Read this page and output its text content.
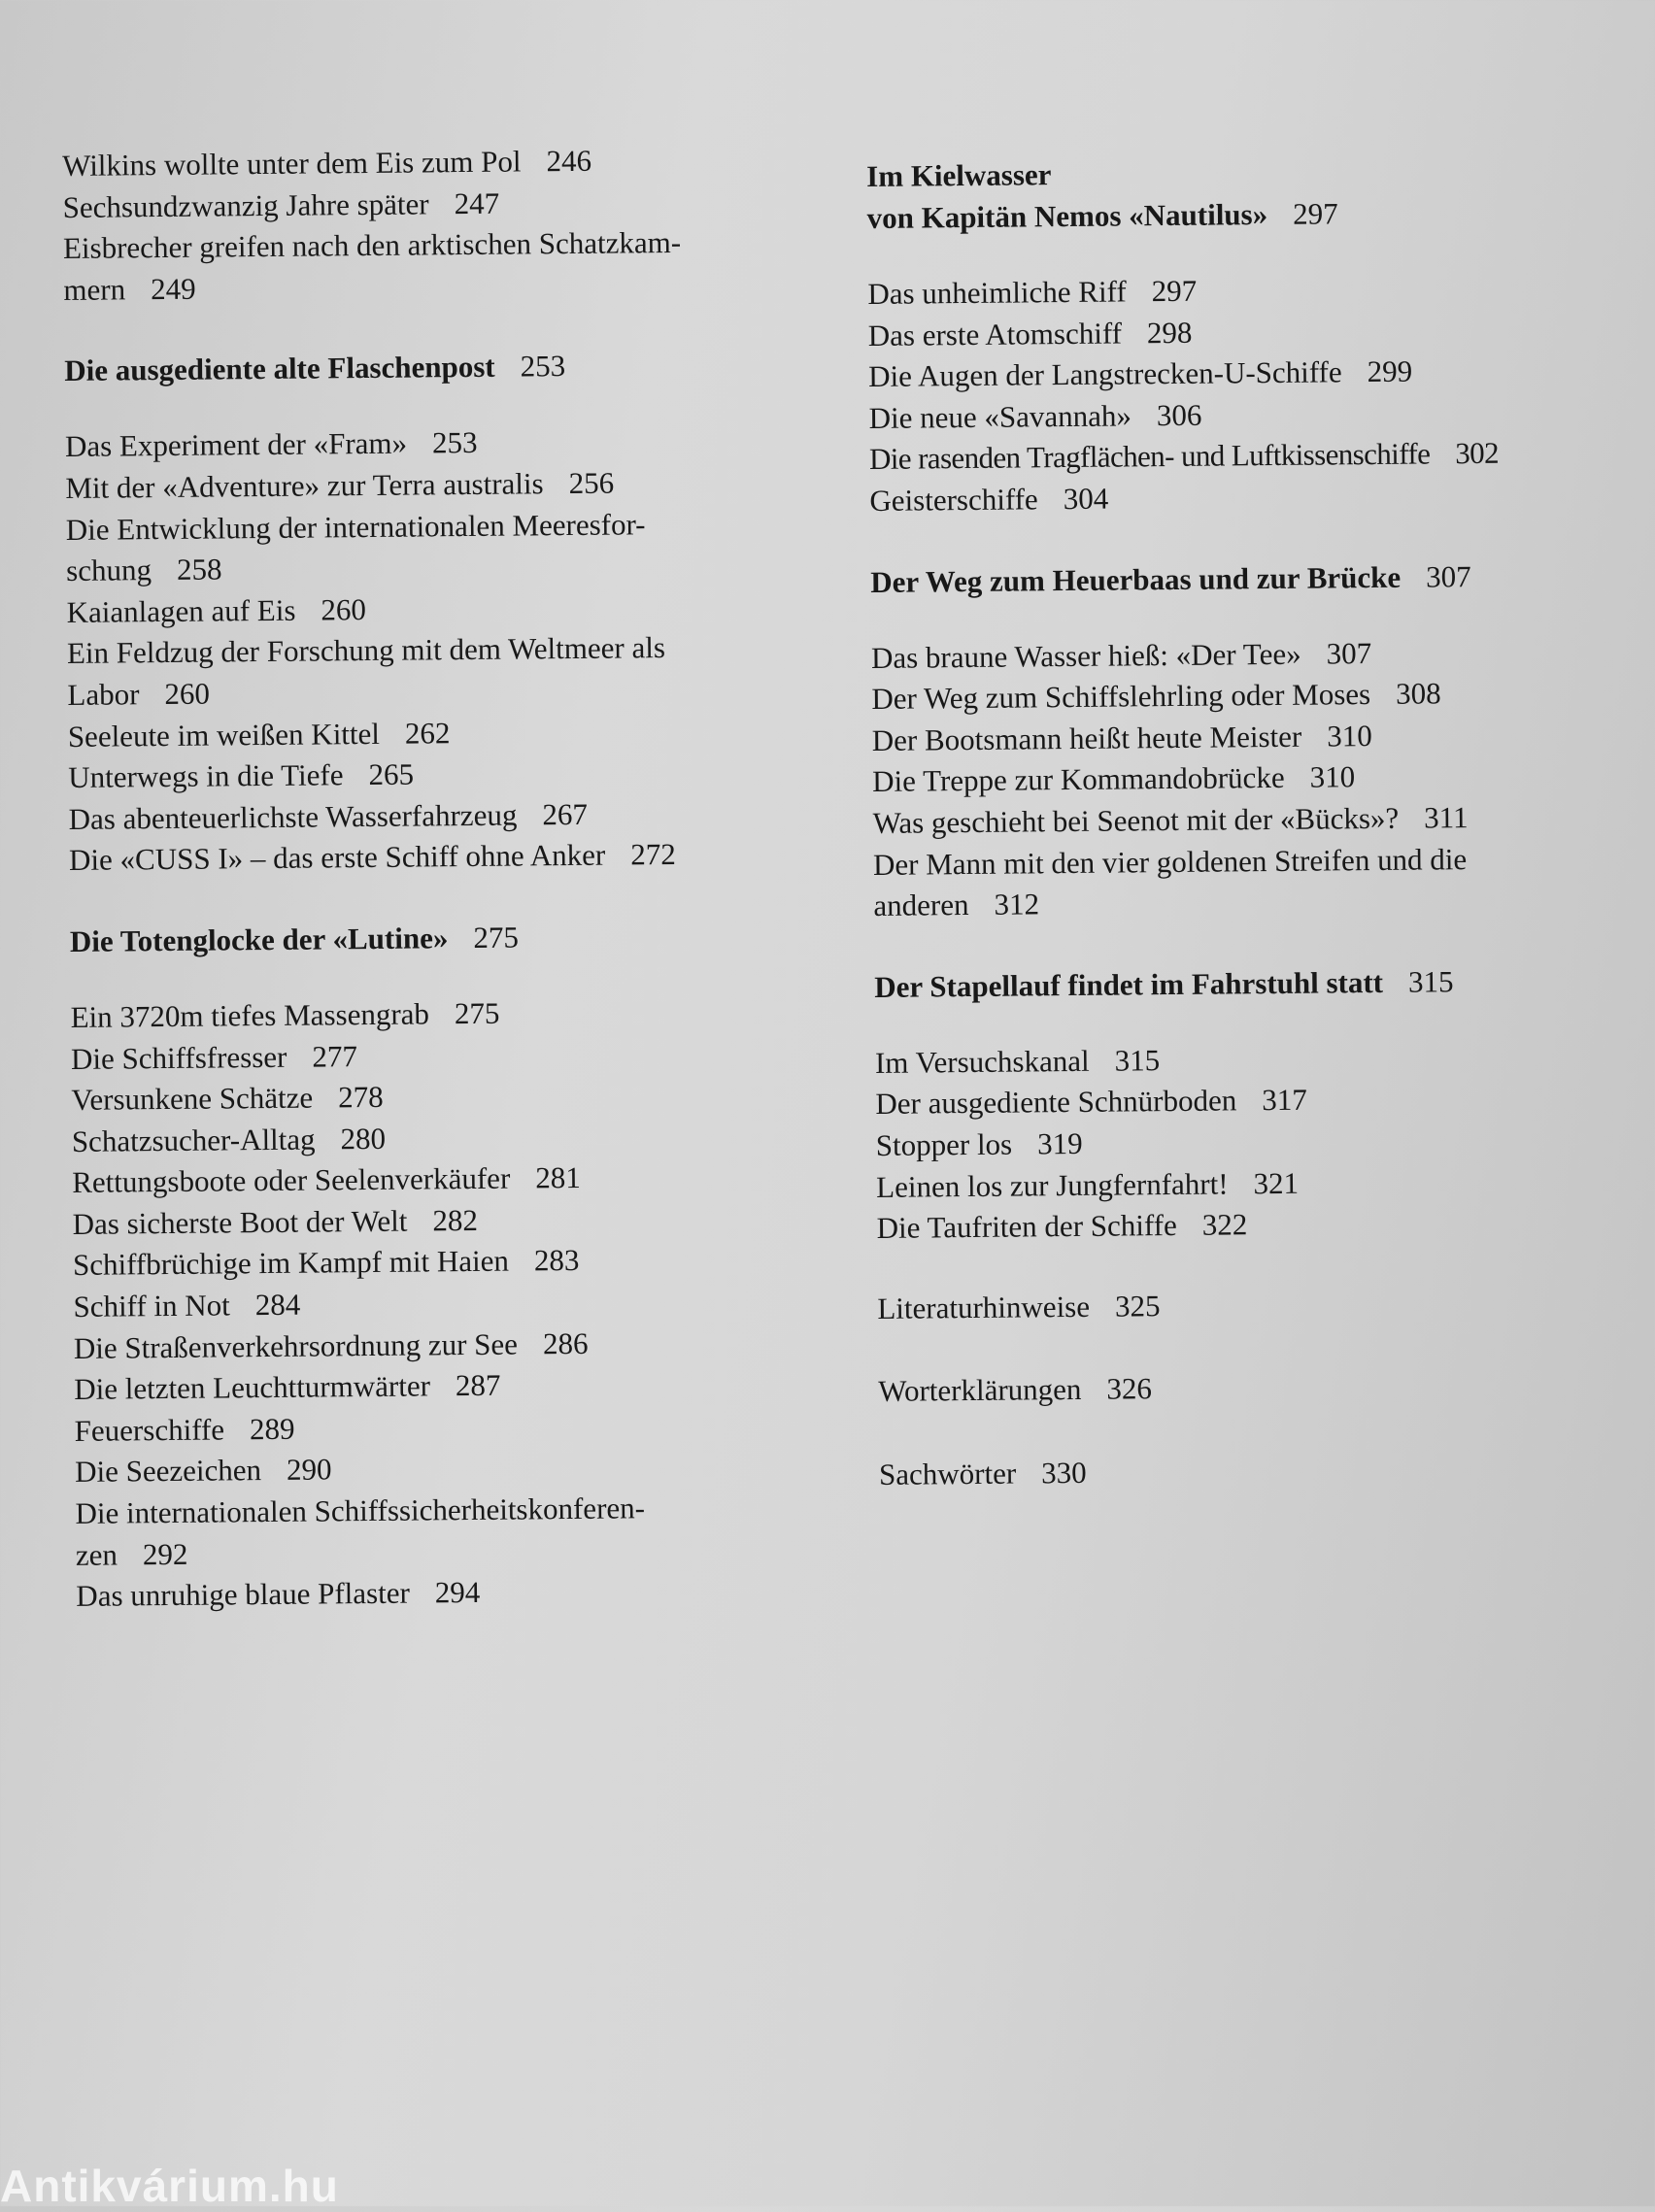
Wilkins wollte unter dem Eis zum Pol 246

Sechsundzwanzig Jahre später 247

Eisbrecher greifen nach den arktischen Schatzkam-

mern 249

Die ausgediente alte Flaschenpost 253

Das Experiment der «Fram» 253

Mit der «Adventure» zur Terra australis 256

Die Entwicklung der internationalen Meeresfor-

schung 258

Kaianlagen auf Eis 260

Ein Feldzug der Forschung mit dem Weltmeer als

Labor 260

Seeleute im weißen Kittel 262

Unterwegs in die Tiefe 265

Das abenteuerlichste Wasserfahrzeug 267

Die «CUSS I» – das erste Schiff ohne Anker 272

Die Totenglocke der «Lutine» 275

Ein 3720m tiefes Massengrab 275

Die Schiffsfresser 277

Versunkene Schätze 278

Schatzsucher-Alltag 280

Rettungsboote oder Seelenverkäufer 281

Das sicherste Boot der Welt 282

Schiffbrüchige im Kampf mit Haien 283

Schiff in Not 284

Die Straßenverkehrsordnung zur See 286

Die letzten Leuchtturmwärter 287

Feuerschiffe 289

Die Seezeichen 290

Die internationalen Schiffssicherheitskonferen-

zen 292

Das unruhige blaue Pflaster 294

Im Kielwasser
von Kapitän Nemos «Nautilus» 297

Das unheimliche Riff 297

Das erste Atomschiff 298

Die Augen der Langstrecken-U-Schiffe 299

Die neue «Savannah» 306

Die rasenden Tragflächen- und Luftkissenschiffe 302

Geisterschiffe 304

Der Weg zum Heuerbaas und zur Brücke 307

Das braune Wasser hieß: «Der Tee» 307

Der Weg zum Schiffslehrling oder Moses 308

Der Bootsmann heißt heute Meister 310

Die Treppe zur Kommandobrücke 310

Was geschieht bei Seenot mit der «Bücks»? 311

Der Mann mit den vier goldenen Streifen und die

anderen 312

Der Stapellauf findet im Fahrstuhl statt 315

Im Versuchskanal 315

Der ausgediente Schnürboden 317

Stopper los 319

Leinen los zur Jungfernfahrt! 321

Die Taufriten der Schiffe 322

Literaturhinweise 325

Worterklärungen 326

Sachwörter 330

Antikvárium.hu
